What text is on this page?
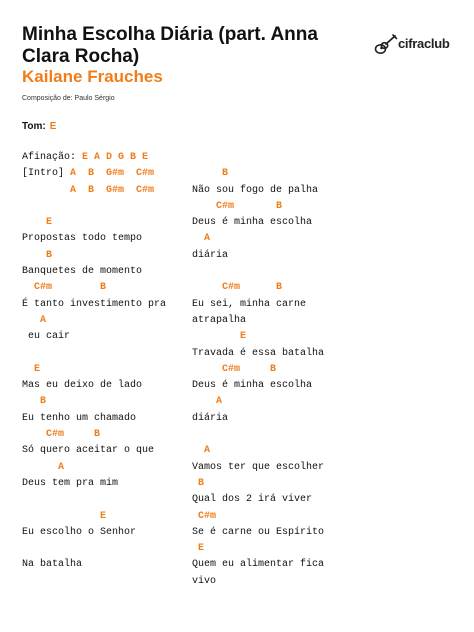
Minha Escolha Diária (part. Anna Clara Rocha)
Kailane Frauches
Composição de: Paulo Sérgio
cifraclub
Tom: E
Afinação: E A D G B E
[Intro] A  B  G#m  C#m
A  B  G#m  C#m
E
Propostas todo tempo
B
Banquetes de momento
C#m        B
É tanto investimento pra
A
eu cair
E
Mas eu deixo de lado
B
Eu tenho um chamado
C#m     B
Só quero aceitar o que
A
Deus tem pra mim
E
Eu escolho o Senhor
Na batalha
B
Não sou fogo de palha
C#m       B
Deus é minha escolha
A
diária
C#m      B
Eu sei, minha carne
atrapalha
E
Travada é essa batalha
C#m     B
Deus é minha escolha
A
diária
A
Vamos ter que escolher
B
Qual dos 2 irá viver
C#m
Se é carne ou Espírito
E
Quem eu alimentar fica
vivo
